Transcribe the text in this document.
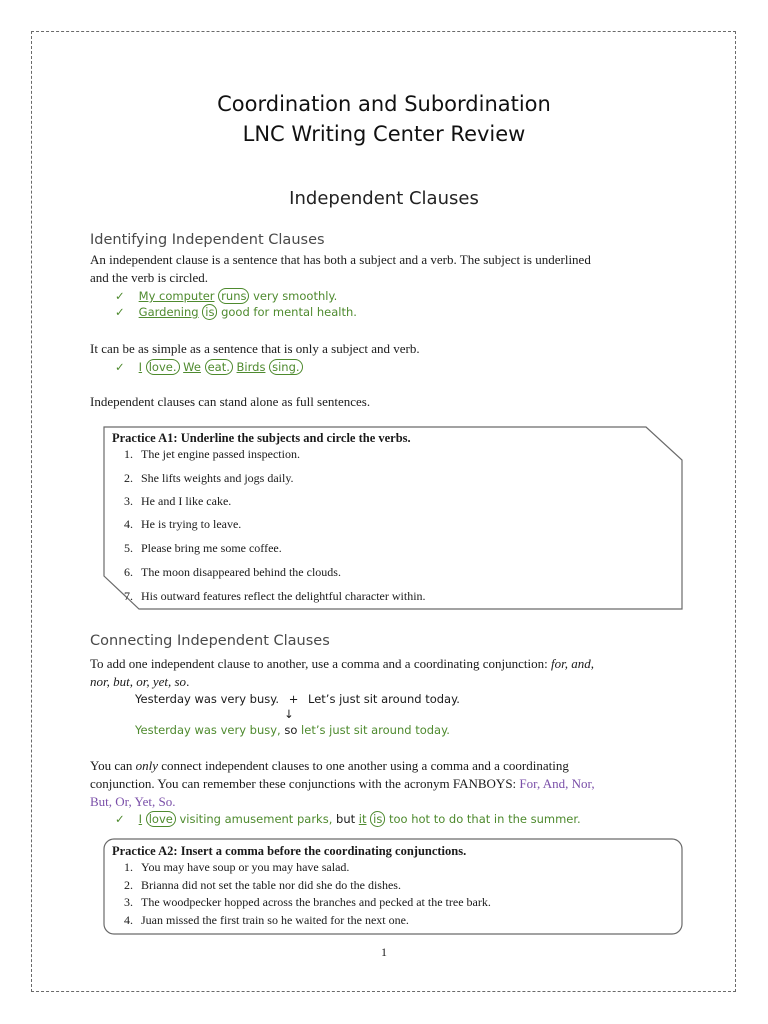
Coordination and Subordination
LNC Writing Center Review
Independent Clauses
Identifying Independent Clauses
An independent clause is a sentence that has both a subject and a verb. The subject is underlined
and the verb is circled.
✓ My computer runs very smoothly.
✓ Gardening is good for mental health.
It can be as simple as a sentence that is only a subject and verb.
✓ I love. We eat. Birds sing.
Independent clauses can stand alone as full sentences.
Practice A1: Underline the subjects and circle the verbs.
1. The jet engine passed inspection.
2. She lifts weights and jogs daily.
3. He and I like cake.
4. He is trying to leave.
5. Please bring me some coffee.
6. The moon disappeared behind the clouds.
7. His outward features reflect the delightful character within.
Connecting Independent Clauses
To add one independent clause to another, use a comma and a coordinating conjunction: for, and,
nor, but, or, yet, so.
Yesterday was very busy. + Let’s just sit around today.
↓
Yesterday was very busy, so let’s just sit around today.
You can only connect independent clauses to one another using a comma and a coordinating
conjunction. You can remember these conjunctions with the acronym FANBOYS: For, And, Nor,
But, Or, Yet, So.
✓ I love visiting amusement parks, but it is too hot to do that in the summer.
Practice A2: Insert a comma before the coordinating conjunctions.
1. You may have soup or you may have salad.
2. Brianna did not set the table nor did she do the dishes.
3. The woodpecker hopped across the branches and pecked at the tree bark.
4. Juan missed the first train so he waited for the next one.
1
